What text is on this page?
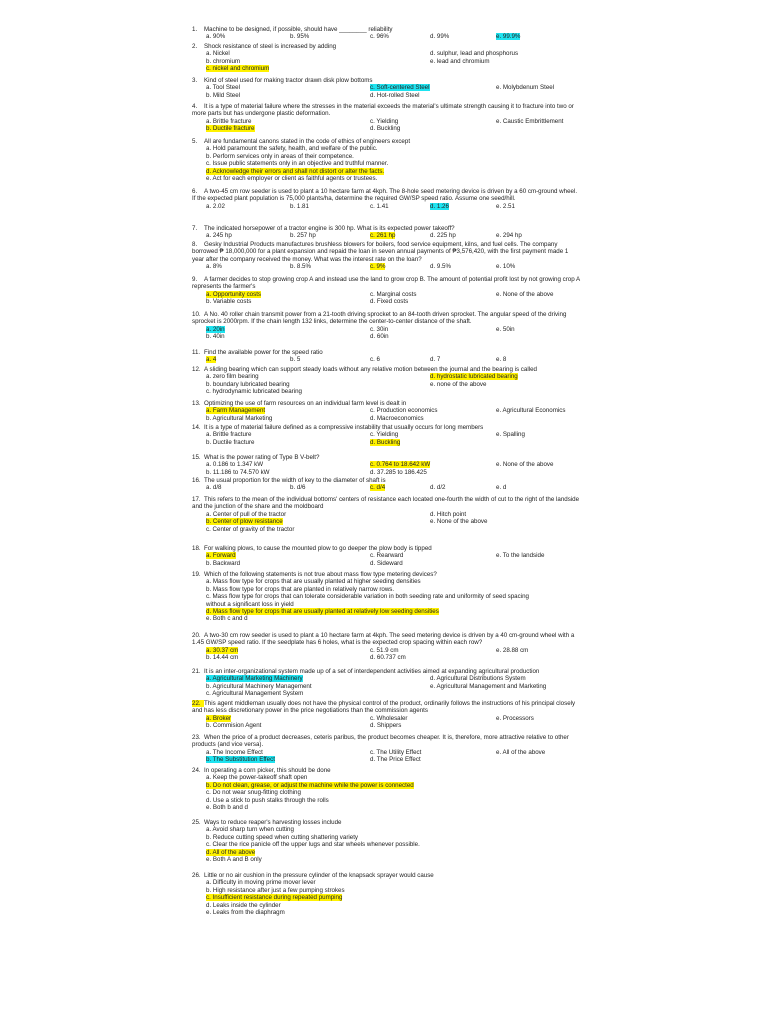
1. Machine to be designed, if possible, should have ________ reliability
a. 90%	b. 95%	c. 96%	d. 99%	e. 99.9%
2. Shock resistance of steel is increased by adding
a. Nickel	d. sulphur, lead and phosphorus
b. chromium	e. lead and chromium
c. nickel and chromium
3. Kind of steel used for making tractor drawn disk plow bottoms
a. Tool Steel	c. Soft-centered Steel	e. Molybdenum Steel
b. Mild Steel	d. Hot-rolled Steel
4. It is a type of material failure where the stresses in the material exceeds the material's ultimate strength causing it to fracture into two or more parts but has undergone plastic deformation.
a. Brittle fracture	c. Yielding	e. Caustic Embrittlement
b. Ductile fracture	d. Buckling
5. All are fundamental canons stated in the code of ethics of engineers except
a. Hold paramount the safety, health, and welfare of the public.
b. Perform services only in areas of their competence.
c. Issue public statements only in an objective and truthful manner.
d. Acknowledge their errors and shall not distort or alter the facts.
e. Act for each employer or client as faithful agents or trustees.
6. A two-45 cm row seeder is used to plant a 10 hectare farm at 4kph. The 8-hole seed metering device is driven by a 60 cm-ground wheel. If the expected plant population is 75,000 plants/ha, determine the required GW/SP speed ratio. Assume one seed/hill.
a. 2.02	b. 1.81	c. 1.41	d. 1.26	e. 2.51
7. The indicated horsepower of a tractor engine is 300 hp. What is its expected power takeoff?
a. 245 hp	b. 257 hp	c. 261 hp	d. 225 hp	e. 294 hp
8. Gesky Industrial Products manufactures brushless blowers for boilers, food service equipment, kilns, and fuel cells. The company borrowed ₱ 18,000,000 for a plant expansion and repaid the loan in seven annual payments of ₱3,576,420, with the first payment made 1 year after the company received the money. What was the interest rate on the loan?
a. 8%	b. 8.5%	c. 9%	d. 9.5%	e. 10%
9. A farmer decides to stop growing crop A and instead use the land to grow crop B. The amount of potential profit lost by not growing crop A represents the farmer's
a. Opportunity costs	c. Marginal costs	e. None of the above
b. Variable costs	d. Fixed costs
10. A No. 40 roller chain transmit power from a 21-tooth driving sprocket to an 84-tooth driven sprocket. The angular speed of the driving sprocket is 2000rpm. If the chain length 132 links, determine the center-to-center distance of the shaft.
a. 20in	c. 30in	e. 50in
b. 40in	d. 60in
11. Find the available power for the speed ratio
a. 4	b. 5	c. 6	d. 7	e. 8
12. A sliding bearing which can support steady loads without any relative motion between the journal and the bearing is called
a. zero film bearing	d. hydrostatic lubricated bearing
b. boundary lubricated bearing	e. none of the above
c. hydrodynamic lubricated bearing
13. Optimizing the use of farm resources on an individual farm level is dealt in
a. Farm Management	c. Production economics	e. Agricultural Economics
b. Agricultural Marketing	d. Macroeconomics
14. It is a type of material failure defined as a compressive instability that usually occurs for long members
a. Brittle fracture	c. Yielding	e. Spalling
b. Ductile fracture	d. Buckling
15. What is the power rating of Type B V-belt?
a. 0.186 to 1.347 kW	c. 0.764 to 18.642 kW	e. None of the above
b. 11.186 to 74.570 kW	d. 37.285 to 186.425
16. The usual proportion for the width of key to the diameter of shaft is
a. d/8	b. d/6	c. d/4	d. d/2	e. d
17. This refers to the mean of the individual bottoms' centers of resistance each located one-fourth the width of cut to the right of the landside and the junction of the share and the moldboard
a. Center of pull of the tractor	d. Hitch point
b. Center of plow resistance	e. None of the above
c. Center of gravity of the tractor
18. For walking plows, to cause the mounted plow to go deeper the plow body is tipped
a. Forward	c. Rearward	e. To the landside
b. Backward	d. Sideward
19. Which of the following statements is not true about mass flow type metering devices?
a. Mass flow type for crops that are usually planted at higher seeding densities
b. Mass flow type for crops that are planted in relatively narrow rows.
c. Mass flow type for crops that can tolerate considerable variation in both seeding rate and uniformity of seed spacing
without a significant loss in yield
d. Mass flow type for crops that are usually planted at relatively low seeding densities
e. Both c and d
20. A two-30 cm row seeder is used to plant a 10 hectare farm at 4kph. The seed metering device is driven by a 40 cm-ground wheel with a 1.45 GW/SP speed ratio. If the seedplate has 6 holes, what is the expected crop spacing within each row?
a. 30.37 cm	c. 51.9 cm	e. 28.88 cm
b. 14.44 cm	d. 60.737 cm
21. It is an inter-organizational system made up of a set of interdependent activities aimed at expanding agricultural production
a. Agricultural Marketing Machinery	d. Agricultural Distributions System
b. Agricultural Machinery Management	e. Agricultural Management and Marketing
c. Agricultural Management System
22. This agent middleman usually does not have the physical control of the product, ordinarily follows the instructions of his principal closely and has less discretionary power in the price negotiations than the commission agents
a. Broker	c. Wholesaler	e. Processors
b. Commision Agent	d. Shippers
23. When the price of a product decreases, ceteris paribus, the product becomes cheaper. It is, therefore, more attractive relative to other products (and vice versa).
a. The Income Effect	c. The Utility Effect	e. All of the above
b. The Substitution Effect	d. The Price Effect
24. In operating a corn picker, this should be done
a. Keep the power-takeoff shaft open
b. Do not clean, grease, or adjust the machine while the power is connected
c. Do not wear snug-fitting clothing
d. Use a stick to push stalks through the rolls
e. Both b and d
25. Ways to reduce reaper's harvesting losses include
a. Avoid sharp turn when cutting
b. Reduce cutting speed when cutting shattering variety
c. Clear the rice panicle off the upper lugs and star wheels whenever possible.
d. All of the above
e. Both A and B only
26. Little or no air cushion in the pressure cylinder of the knapsack sprayer would cause
a. Difficulty in moving prime mover lever
b. High resistance after just a few pumping strokes
c. Insufficient resistance during repeated pumping
d. Leaks inside the cylinder
e. Leaks from the diaphragm
